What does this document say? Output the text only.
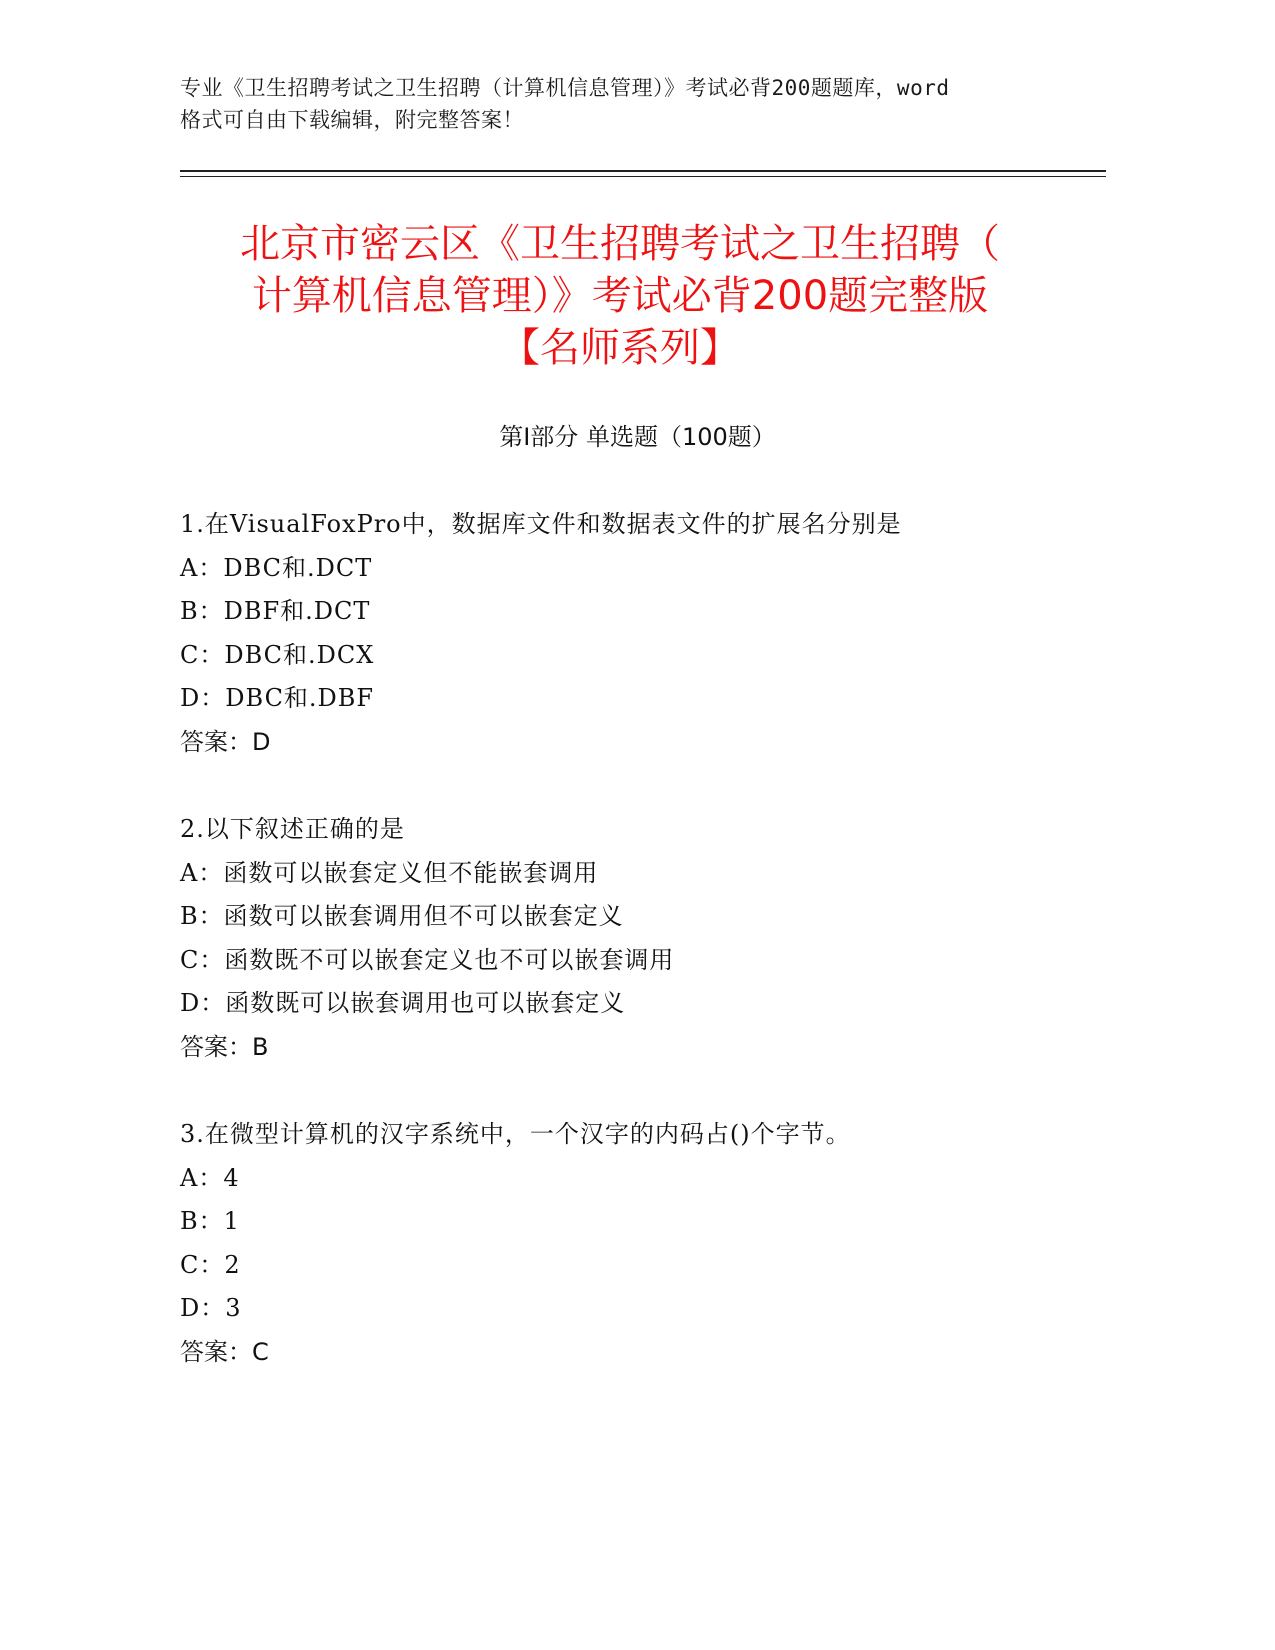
专业《卫生招聘考试之卫生招聘（计算机信息管理）》考试必背200题题库，word
格式可自由下载编辑，附完整答案！
北京市密云区《卫生招聘考试之卫生招聘（
计算机信息管理）》考试必背200题完整版
【名师系列】
第Ⅰ部分 单选题（100题）
1.在VisualFoxPro中，数据库文件和数据表文件的扩展名分别是
A：DBC和.DCT
B：DBF和.DCT
C：DBC和.DCX
D：DBC和.DBF
答案：D
2.以下叙述正确的是
A：函数可以嵌套定义但不能嵌套调用
B：函数可以嵌套调用但不可以嵌套定义
C：函数既不可以嵌套定义也不可以嵌套调用
D：函数既可以嵌套调用也可以嵌套定义
答案：B
3.在微型计算机的汉字系统中，一个汉字的内码占()个字节。
A：4
B：1
C：2
D：3
答案：C
